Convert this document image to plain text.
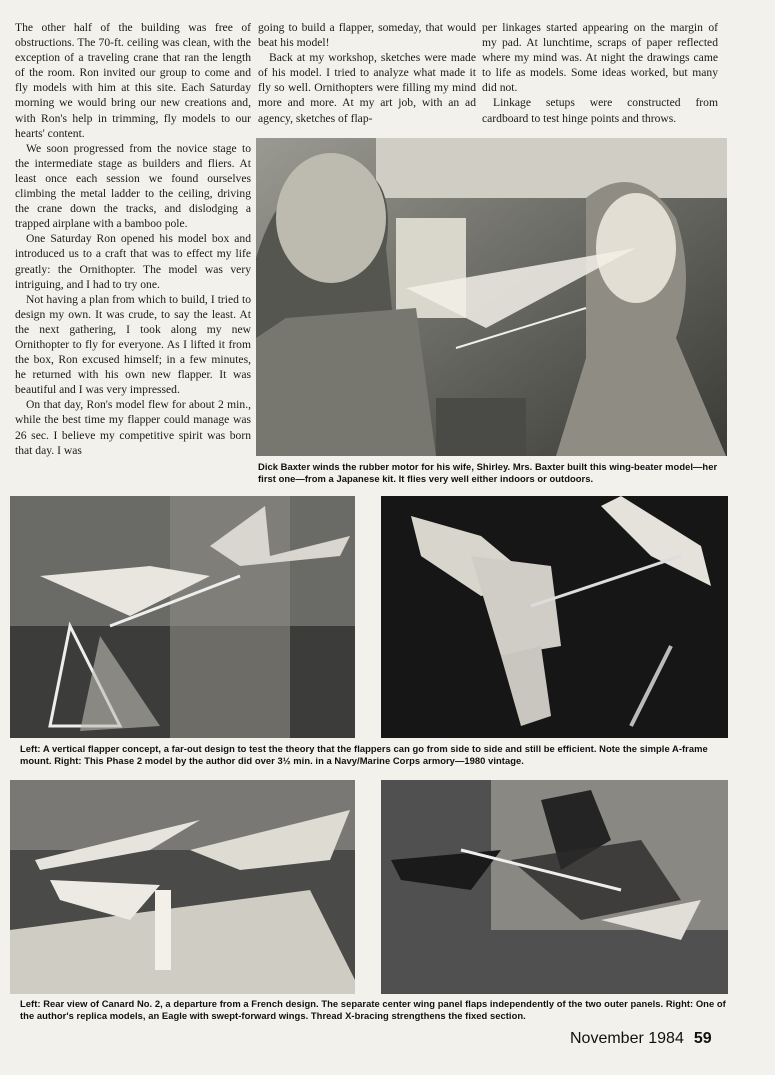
The other half of the building was free of obstructions. The 70-ft. ceiling was clean, with the exception of a traveling crane that ran the length of the room. Ron invited our group to come and fly models with him at this site. Each Saturday morning we would bring our new creations and, with Ron's help in trimming, fly models to our hearts' content.

We soon progressed from the novice stage to the intermediate stage as builders and fliers. At least once each session we found ourselves climbing the metal ladder to the ceiling, driving the crane down the tracks, and dislodging a trapped airplane with a bamboo pole.

One Saturday Ron opened his model box and introduced us to a craft that was to effect my life greatly: the Ornithopter. The model was very intriguing, and I had to try one.

Not having a plan from which to build, I tried to design my own. It was crude, to say the least. At the next gathering, I took along my new Ornithopter to fly for everyone. As I lifted it from the box, Ron excused himself; in a few minutes, he returned with his own new flapper. It was beautiful and I was very impressed.

On that day, Ron's model flew for about 2 min., while the best time my flapper could manage was 26 sec. I believe my competitive spirit was born that day. I was

going to build a flapper, someday, that would beat his model!

Back at my workshop, sketches were made of his model. I tried to analyze what made it fly so well. Ornithopters were filling my mind more and more. At my art job, with an ad agency, sketches of flap-

per linkages started appearing on the margin of my pad. At lunchtime, scraps of paper reflected where my mind was. At night the drawings came to life as models. Some ideas worked, but many did not.

Linkage setups were constructed from cardboard to test hinge points and throws.

Dick Baxter winds the rubber motor for his wife, Shirley. Mrs. Baxter built this wing-beater model—her first one—from a Japanese kit. It flies very well either indoors or outdoors.
Left: A vertical flapper concept, a far-out design to test the theory that the flappers can go from side to side and still be efficient. Note the simple A-frame mount. Right: This Phase 2 model by the author did over 3½ min. in a Navy/Marine Corps armory—1980 vintage.
Left: Rear view of Canard No. 2, a departure from a French design. The separate center wing panel flaps independently of the two outer panels. Right: One of the author's replica models, an Eagle with swept-forward wings. Thread X-bracing strengthens the fixed section.
November 1984 59
